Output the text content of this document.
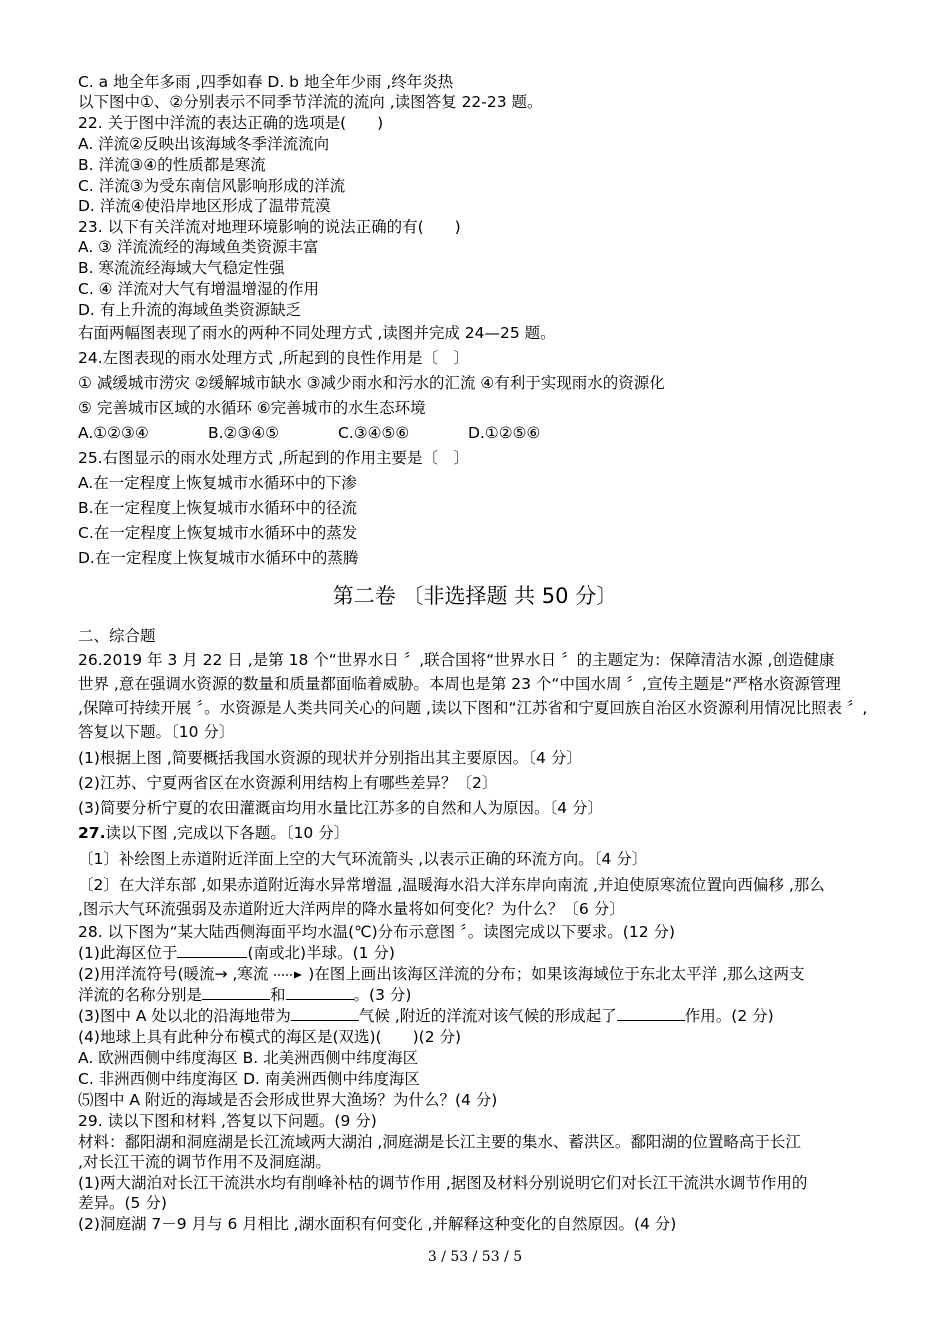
C. a 地全年多雨 ,四季如春 D. b 地全年少雨 ,终年炎热
以下图中①、②分别表示不同季节洋流的流向 ,读图答复 22-23 题。
22. 关于图中洋流的表达正确的选项是(　　)
A. 洋流②反映出该海域冬季洋流流向
B. 洋流③④的性质都是寒流
C. 洋流③为受东南信风影响形成的洋流
D. 洋流④使沿岸地区形成了温带荒漠
23. 以下有关洋流对地理环境影响的说法正确的有(　　)
A. ③ 洋流流经的海域鱼类资源丰富
B. 寒流流经海域大气稳定性强
C. ④ 洋流对大气有增温增湿的作用
D. 有上升流的海域鱼类资源缺乏
右面两幅图表现了雨水的两种不同处理方式 ,读图并完成 24—25 题。
24.左图表现的雨水处理方式 ,所起到的良性作用是〔　〕
① 减缓城市涝灾 ②缓解城市缺水 ③减少雨水和污水的汇流 ④有利于实现雨水的资源化
⑤ 完善城市区域的水循环 ⑥完善城市的水生态环境
A.①②③④	B.②③④⑤	C.③④⑤⑥	D.①②⑤⑥
25.右图显示的雨水处理方式 ,所起到的作用主要是〔　〕
A.在一定程度上恢复城市水循环中的下渗
B.在一定程度上恢复城市水循环中的径流
C.在一定程度上恢复城市水循环中的蒸发
D.在一定程度上恢复城市水循环中的蒸腾
第二卷 〔非选择题 共 50 分〕
二、综合题
26.2019 年 3 月 22 日 ,是第 18 个“世界水日 〞,联合国将“世界水日 〞的主题定为：保障清洁水源 ,创造健康
世界 ,意在强调水资源的数量和质量都面临着威胁。本周也是第 23 个“中国水周 〞,宣传主题是“严格水资源管理
,保障可持续开展 〞。水资源是人类共同关心的问题 ,读以下图和“江苏省和宁夏回族自治区水资源利用情况比照表 〞,
答复以下题。〔10 分〕
(1)根据上图 ,简要概括我国水资源的现状并分别指出其主要原因。〔4 分〕
(2)江苏、宁夏两省区在水资源利用结构上有哪些差异？〔2〕
(3)简要分析宁夏的农田灌溉亩均用水量比江苏多的自然和人为原因。〔4 分〕
27.读以下图 ,完成以下各题。〔10 分〕
〔1〕补绘图上赤道附近洋面上空的大气环流箭头 ,以表示正确的环流方向。〔4 分〕
〔2〕在大洋东部 ,如果赤道附近海水异常增温 ,温暖海水沿大洋东岸向南流 ,并迫使原寒流位置向西偏移 ,那么
,图示大气环流强弱及赤道附近大洋两岸的降水量将如何变化？为什么？〔6 分〕
28. 以下图为“某大陆西侧海面平均水温(℃)分布示意图 〞。读图完成以下要求。(12 分)
(1)此海区位于	(南或北)半球。(1 分)
(2)用洋流符号(暖流→ ,寒流  )在图上画出该海区洋流的分布；如果该海域位于东北太平洋 ,那么这两支
洋流的名称分别是	和	。(3 分)
(3)图中 A 处以北的沿海地带为	气候 ,附近的洋流对该气候的形成起了	作用。(2 分)
(4)地球上具有此种分布模式的海区是(双选)(　　)(2 分)
A. 欧洲西侧中纬度海区 B. 北美洲西侧中纬度海区
C. 非洲西侧中纬度海区 D. 南美洲西侧中纬度海区
⑸图中 A 附近的海域是否会形成世界大渔场？为什么？(4 分)
29. 读以下图和材料 ,答复以下问题。(9 分)
材料：鄱阳湖和洞庭湖是长江流域两大湖泊 ,洞庭湖是长江主要的集水、蓄洪区。鄱阳湖的位置略高于长江
,对长江干流的调节作用不及洞庭湖。
(1)两大湖泊对长江干流洪水均有削峰补枯的调节作用 ,据图及材料分别说明它们对长江干流洪水调节作用的
差异。(5 分)
(2)洞庭湖 7－9 月与 6 月相比 ,湖水面积有何变化 ,并解释这种变化的自然原因。(4 分)
3 / 53 / 53 / 5
